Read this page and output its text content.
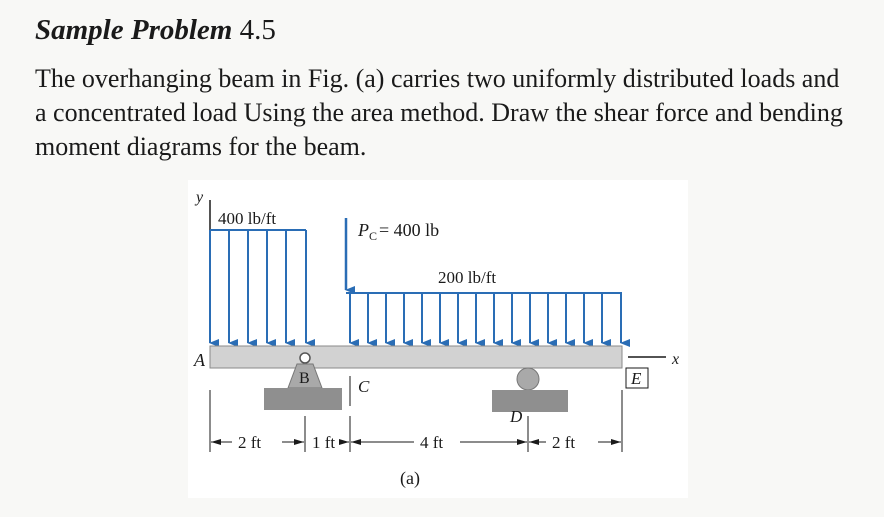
Sample Problem 4.5

The overhanging beam in Fig. (a) carries two uniformly distributed loads and a concentrated load Using the area method. Draw the shear force and bending moment diagrams for the beam.

y
400 lb/ft
$P_C = 400$ lb
200 lb/ft
x
B
A
C
D
E
2 ft	1 ft	4 ft	2 ft
(a)
